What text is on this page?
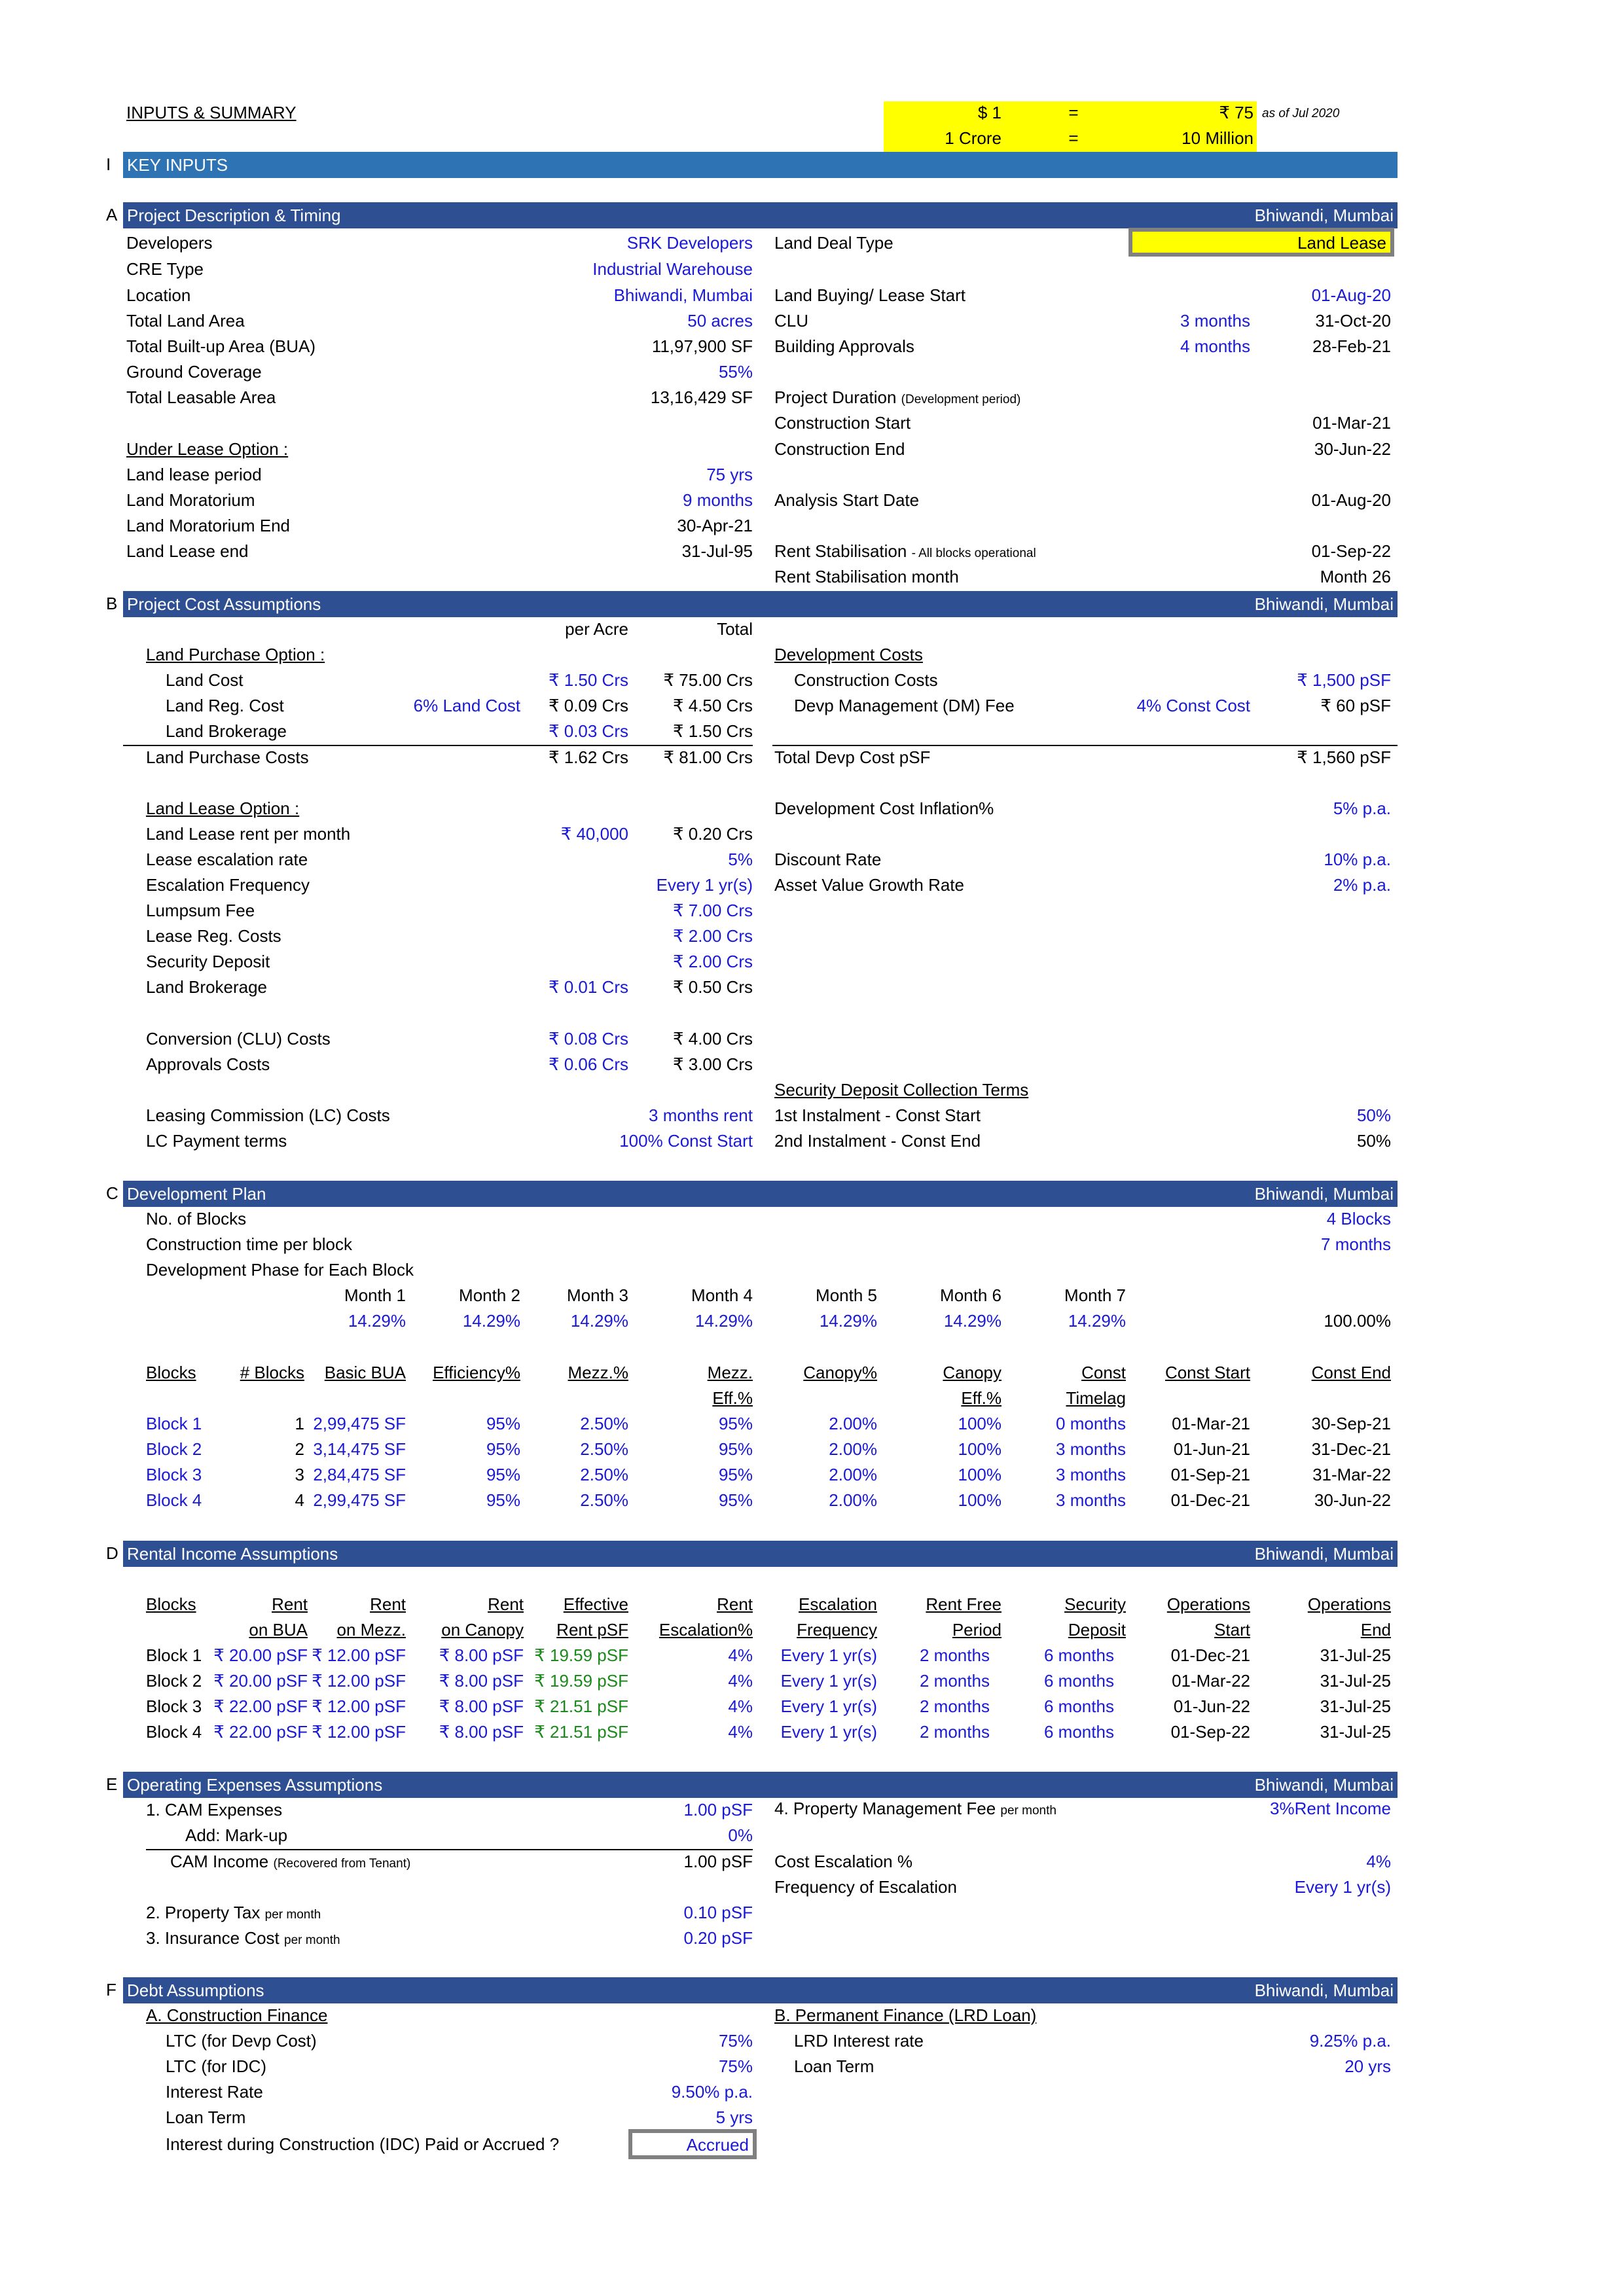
INPUTS & SUMMARY	$ 1	=	₹ 75 as of Jul 2020
1 Crore	=	10 Million
I KEY INPUTS
A Project Description & Timing	Bhiwandi, Mumbai
Developers	SRK Developers
CRE Type	Industrial Warehouse
Location	Bhiwandi, Mumbai
Total Land Area	50 acres
Total Built-up Area (BUA)	11,97,900 SF
Ground Coverage	55%
Total Leasable Area	13,16,429 SF
Under Lease Option :
Land lease period	75 yrs
Land Moratorium	9 months
Land Moratorium End	30-Apr-21
Land Lease end	31-Jul-95
Land Deal Type	Land Lease
Land Buying/ Lease Start	01-Aug-20
CLU	3 months	31-Oct-20
Building Approvals	4 months	28-Feb-21
Project Duration (Development period)
Construction Start	01-Mar-21
Construction End	30-Jun-22
Analysis Start Date	01-Aug-20
Rent Stabilisation - All blocks operational	01-Sep-22
Rent Stabilisation month	Month 26
B Project Cost Assumptions	Bhiwandi, Mumbai
per Acre	Total
Land Purchase Option :
Land Cost	₹ 1.50 Crs	₹ 75.00 Crs
Land Reg. Cost	6% Land Cost	₹ 0.09 Crs	₹ 4.50 Crs
Land Brokerage	₹ 0.03 Crs	₹ 1.50 Crs
Land Purchase Costs	₹ 1.62 Crs	₹ 81.00 Crs
Land Lease Option :
Land Lease rent per month	₹ 40,000	₹ 0.20 Crs
Lease escalation rate	5%
Escalation Frequency	Every 1 yr(s)
Lumpsum Fee	₹ 7.00 Crs
Lease Reg. Costs	₹ 2.00 Crs
Security Deposit	₹ 2.00 Crs
Land Brokerage	₹ 0.01 Crs	₹ 0.50 Crs
Conversion (CLU) Costs	₹ 0.08 Crs	₹ 4.00 Crs
Approvals Costs	₹ 0.06 Crs	₹ 3.00 Crs
Leasing Commission (LC) Costs	3 months rent
LC Payment terms	100% Const Start
Development Costs
Construction Costs	₹ 1,500 pSF
Devp Management (DM) Fee	4% Const Cost	₹ 60 pSF
Total Devp Cost pSF	₹ 1,560 pSF
Development Cost Inflation%	5% p.a.
Discount Rate	10% p.a.
Asset Value Growth Rate	2% p.a.
Security Deposit Collection Terms
1st Instalment - Const Start	50%
2nd Instalment - Const End	50%
C Development Plan	Bhiwandi, Mumbai
No. of Blocks	4 Blocks
Construction time per block	7 months
Development Phase for Each Block
Month 1	Month 2	Month 3	Month 4	Month 5	Month 6	Month 7
14.29%	14.29%	14.29%	14.29%	14.29%	14.29%	14.29%	100.00%
Blocks	# Blocks	Basic BUA	Efficiency%	Mezz.%	Mezz.	Canopy%	Canopy	Const	Const Start	Const End
Eff.%	Eff.%	Timelag
Block 1	1 2,99,475 SF	95%	2.50%	95%	2.00%	100%	0 months	01-Mar-21	30-Sep-21
Block 2	2 3,14,475 SF	95%	2.50%	95%	2.00%	100%	3 months	01-Jun-21	31-Dec-21
Block 3	3 2,84,475 SF	95%	2.50%	95%	2.00%	100%	3 months	01-Sep-21	31-Mar-22
Block 4	4 2,99,475 SF	95%	2.50%	95%	2.00%	100%	3 months	01-Dec-21	30-Jun-22
D Rental Income Assumptions	Bhiwandi, Mumbai
Blocks	Rent	Rent	Rent	Effective	Rent	Escalation	Rent Free	Security	Operations	Operations
on BUA	on Mezz.	on Canopy	Rent pSF	Escalation%	Frequency	Period	Deposit	Start	End
Block 1 ₹ 20.00 pSF ₹ 12.00 pSF	₹ 8.00 pSF ₹ 19.59 pSF	4%	Every 1 yr(s)	2 months	6 months	01-Dec-21	31-Jul-25
Block 2 ₹ 20.00 pSF ₹ 12.00 pSF	₹ 8.00 pSF ₹ 19.59 pSF	4%	Every 1 yr(s)	2 months	6 months	01-Mar-22	31-Jul-25
Block 3 ₹ 22.00 pSF ₹ 12.00 pSF	₹ 8.00 pSF ₹ 21.51 pSF	4%	Every 1 yr(s)	2 months	6 months	01-Jun-22	31-Jul-25
Block 4 ₹ 22.00 pSF ₹ 12.00 pSF	₹ 8.00 pSF ₹ 21.51 pSF	4%	Every 1 yr(s)	2 months	6 months	01-Sep-22	31-Jul-25
E Operating Expenses Assumptions	Bhiwandi, Mumbai
1. CAM Expenses	1.00 pSF
Add: Mark-up	0%
CAM Income (Recovered from Tenant)	1.00 pSF
2. Property Tax per month	0.10 pSF
3. Insurance Cost per month	0.20 pSF
4. Property Management Fee per month	3%Rent Income
Cost Escalation %	4%
Frequency of Escalation	Every 1 yr(s)
F Debt Assumptions	Bhiwandi, Mumbai
A. Construction Finance
LTC (for Devp Cost)	75%
LTC (for IDC)	75%
Interest Rate	9.50% p.a.
Loan Term	5 yrs
Interest during Construction (IDC) Paid or Accrued ?	Accrued
B. Permanent Finance (LRD Loan)
LRD Interest rate	9.25% p.a.
Loan Term	20 yrs
